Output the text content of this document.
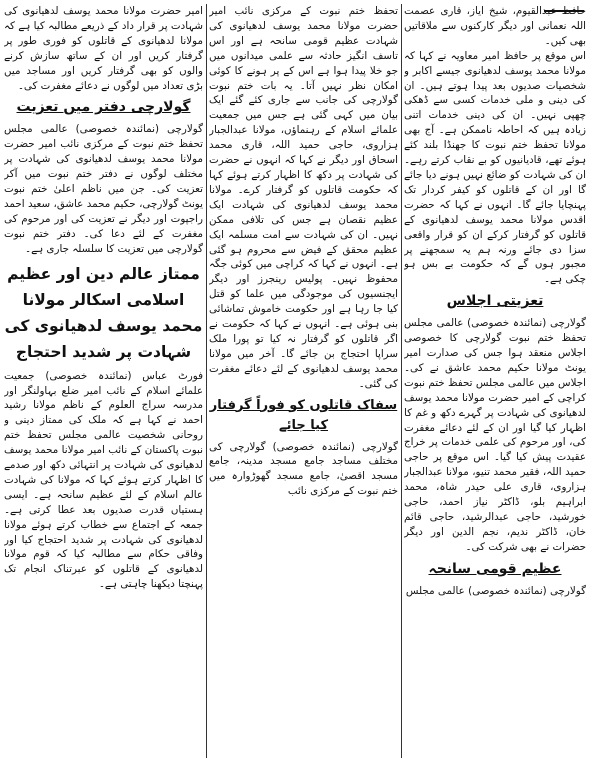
حافظ عبدالقیوم، شیخ ایاز، قاری عصمت اللہ نعمانی اور دیگر کارکنوں سے ملاقاتیں بھی کیں۔

اس موقع پر حافظ امیر معاویہ نے کہا کہ مولانا محمد یوسف لدھیانوی جیسے اکابر و شخصیات صدیوں بعد پیدا ہوتے ہیں۔ ان کی دینی و ملی خدمات کسی سے ڈھکی چھپی نہیں۔ ان کی دینی خدمات اتنی زیادہ ہیں کہ احاطہ ناممکن ہے۔ آج بھی مولانا تحفظ ختم نبوت کا جھنڈا بلند کئے ہوئے تھے، قادیانیوں کو بے نقاب کرتے رہے۔ ان کی شہادت کو ضائع نہیں ہونے دیا جائے گا اور ان کے قاتلوں کو کیفر کردار تک پہنچایا جائے گا۔ انہوں نے کہا کہ حضرت اقدس مولانا محمد یوسف لدھیانوی کے قاتلوں کو گرفتار کرکے ان کو قرار واقعی سزا دی جائے ورنہ ہم یہ سمجھنے پر مجبور ہوں گے کہ حکومت بے بس ہو چکی ہے۔

تعزیتی اجلاس

گولارچی (نمائندہ خصوصی) عالمی مجلس تحفظ ختم نبوت گولارچی کا خصوصی اجلاس منعقد ہوا جس کی صدارت امیر یونٹ مولانا حکیم محمد عاشق نے کی۔ اجلاس میں عالمی مجلس تحفظ ختم نبوت کراچی کے امیر حضرت مولانا محمد یوسف لدھیانوی کی شہادت پر گہرے دکھ و غم کا اظہار کیا گیا اور ان کے لئے دعائے مغفرت کی، اور مرحوم کی علمی خدمات پر خراج عقیدت پیش کیا گیا۔ اس موقع پر حاجی حمید اللہ، فقیر محمد تنیو، مولانا عبدالجبار ہزاروی، قاری علی حیدر شاہ، محمد ابراہیم بلو، ڈاکٹر نیاز احمد، حاجی خورشید، حاجی عبدالرشید، حاجی قائم خان، ڈاکٹر ندیم، نجم الدین اور دیگر حضرات نے بھی شرکت کی۔

عظیم قومی سانحہ

گولارچی (نمائندہ خصوصی) عالمی مجلس

تحفظ ختم نبوت کے مرکزی نائب امیر حضرت مولانا محمد یوسف لدھیانوی کی شہادت عظیم قومی سانحہ ہے اور اس تاسف انگیز حادثہ سے علمی میدانوں میں جو خلا پیدا ہوا ہے اس کے پر ہونے کا کوئی امکان نظر نہیں آتا۔ یہ بات ختم نبوت گولارچی کی جانب سے جاری کئے گئے ایک بیان میں کہی گئی ہے جس میں جمعیت علمائے اسلام کے رہنماؤں، مولانا عبدالجبار ہزاروی، حاجی حمید اللہ، قاری محمد اسحاق اور دیگر نے کہا کہ انہوں نے حضرت کی شہادت پر دکھ کا اظہار کرتے ہوئے کہا کہ حکومت قاتلوں کو گرفتار کرے۔ مولانا محمد یوسف لدھیانوی کی شہادت ایک عظیم نقصان ہے جس کی تلافی ممکن نہیں۔ ان کی شہادت سے امت مسلمہ ایک عظیم محقق کے فیض سے محروم ہو گئی ہے۔ انہوں نے کہا کہ کراچی میں کوئی جگہ محفوظ نہیں۔ پولیس رینجرز اور دیگر ایجنسیوں کی موجودگی میں علما کو قتل کیا جا رہا ہے اور حکومت خاموش تماشائی بنی ہوئی ہے۔ انہوں نے کہا کہ حکومت نے اگر قاتلوں کو گرفتار نہ کیا تو پورا ملک سراپا احتجاج بن جائے گا۔ آخر میں مولانا محمد یوسف لدھیانوی کے لئے دعائے مغفرت کی گئی۔

سفاک قاتلوں کو فوراً گرفتار کیا جائے

گولارچی (نمائندہ خصوصی) گولارچی کی مختلف مساجد جامع مسجد مدینہ، جامع مسجد اقصیٰ، جامع مسجد گھوڑوارہ میں ختم نبوت کے مرکزی نائب

امیر حضرت مولانا محمد یوسف لدھیانوی کی شہادت پر قرار داد کے ذریعے مطالبہ کیا ہے کہ مولانا لدھیانوی کے قاتلوں کو فوری طور پر گرفتار کریں اور ان کے ساتھ سازش کرنے والوں کو بھی گرفتار کریں اور مساجد میں بڑی تعداد میں لوگوں نے دعائے مغفرت کی۔

گولارچی دفتر میں تعزیت

گولارچی (نمائندہ خصوصی) عالمی مجلس تحفظ ختم نبوت کے مرکزی نائب امیر حضرت مولانا محمد یوسف لدھیانوی کی شہادت پر مختلف لوگوں نے دفتر ختم نبوت میں آکر تعزیت کی۔ جن میں ناظم اعلیٰ ختم نبوت یونٹ گولارچی، حکیم محمد عاشق، سعید احمد راجپوت اور دیگر نے تعزیت کی اور مرحوم کی مغفرت کے لئے دعا کی۔ دفتر ختم نبوت گولارچی میں تعزیت کا سلسلہ جاری ہے۔

ممتاز عالم دین اور عظیم اسلامی اسکالر مولانا محمد یوسف لدھیانوی کی شہادت پر شدید احتجاج

فورٹ عباس (نمائندہ خصوصی) جمعیت علمائے اسلام کے نائب امیر ضلع بہاولنگر اور مدرسہ سراج العلوم کے ناظم مولانا رشید احمد نے کہا ہے کہ ملک کی ممتاز دینی و روحانی شخصیت عالمی مجلس تحفظ ختم نبوت پاکستان کے نائب امیر مولانا محمد یوسف لدھیانوی کی شہادت پر انتہائی دکھ اور صدمے کا اظہار کرتے ہوئے کہا کہ مولانا کی شہادت عالم اسلام کے لئے عظیم سانحہ ہے۔ ایسی ہستیاں قدرت صدیوں بعد عطا کرتی ہے۔ جمعہ کے اجتماع سے خطاب کرتے ہوئے مولانا لدھیانوی کی شہادت پر شدید احتجاج کیا اور وفاقی حکام سے مطالبہ کیا کہ قوم مولانا لدھیانوی کے قاتلوں کو عبرتناک انجام تک پہنچتا دیکھنا چاہتی ہے۔
